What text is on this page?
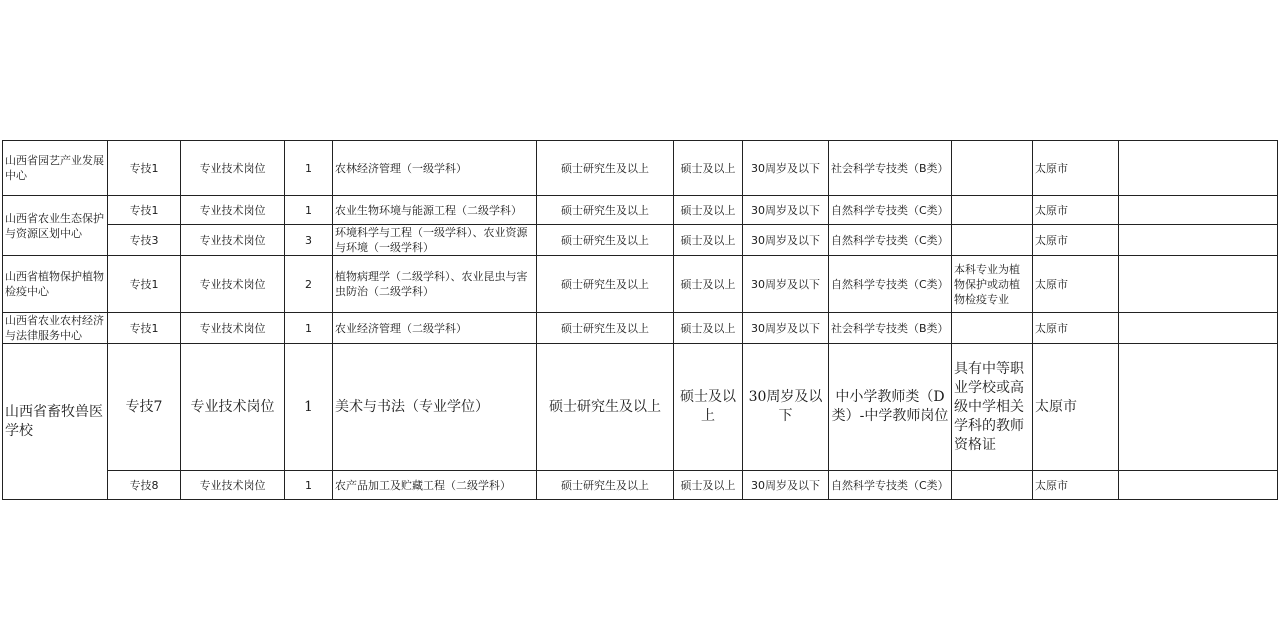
山西省园艺产业发展中心	专技1	专业技术岗位	1	农林经济管理（一级学科）	硕士研究生及以上	硕士及以上	30周岁及以下	社会科学专技类（B类）		太原市	
山西省农业生态保护与资源区划中心	专技1	专业技术岗位	1	农业生物环境与能源工程（二级学科）	硕士研究生及以上	硕士及以上	30周岁及以下	自然科学专技类（C类）		太原市	
	专技3	专业技术岗位	3	环境科学与工程（一级学科）、农业资源与环境（一级学科）	硕士研究生及以上	硕士及以上	30周岁及以下	自然科学专技类（C类）		太原市	
山西省植物保护植物检疫中心	专技1	专业技术岗位	2	植物病理学（二级学科）、农业昆虫与害虫防治（二级学科）	硕士研究生及以上	硕士及以上	30周岁及以下	自然科学专技类（C类）	本科专业为植物保护或动植物检疫专业	太原市	
山西省农业农村经济与法律服务中心	专技1	专业技术岗位	1	农业经济管理（二级学科）	硕士研究生及以上	硕士及以上	30周岁及以下	社会科学专技类（B类）		太原市	
山西省畜牧兽医学校	专技7	专业技术岗位	1	美术与书法（专业学位）	硕士研究生及以上	硕士及以上	30周岁及以下	中小学教师类（D类）-中学教师岗位	具有中等职业学校或高级中学相关学科的教师资格证	太原市	
	专技8	专业技术岗位	1	农产品加工及贮藏工程（二级学科）	硕士研究生及以上	硕士及以上	30周岁及以下	自然科学专技类（C类）		太原市	
